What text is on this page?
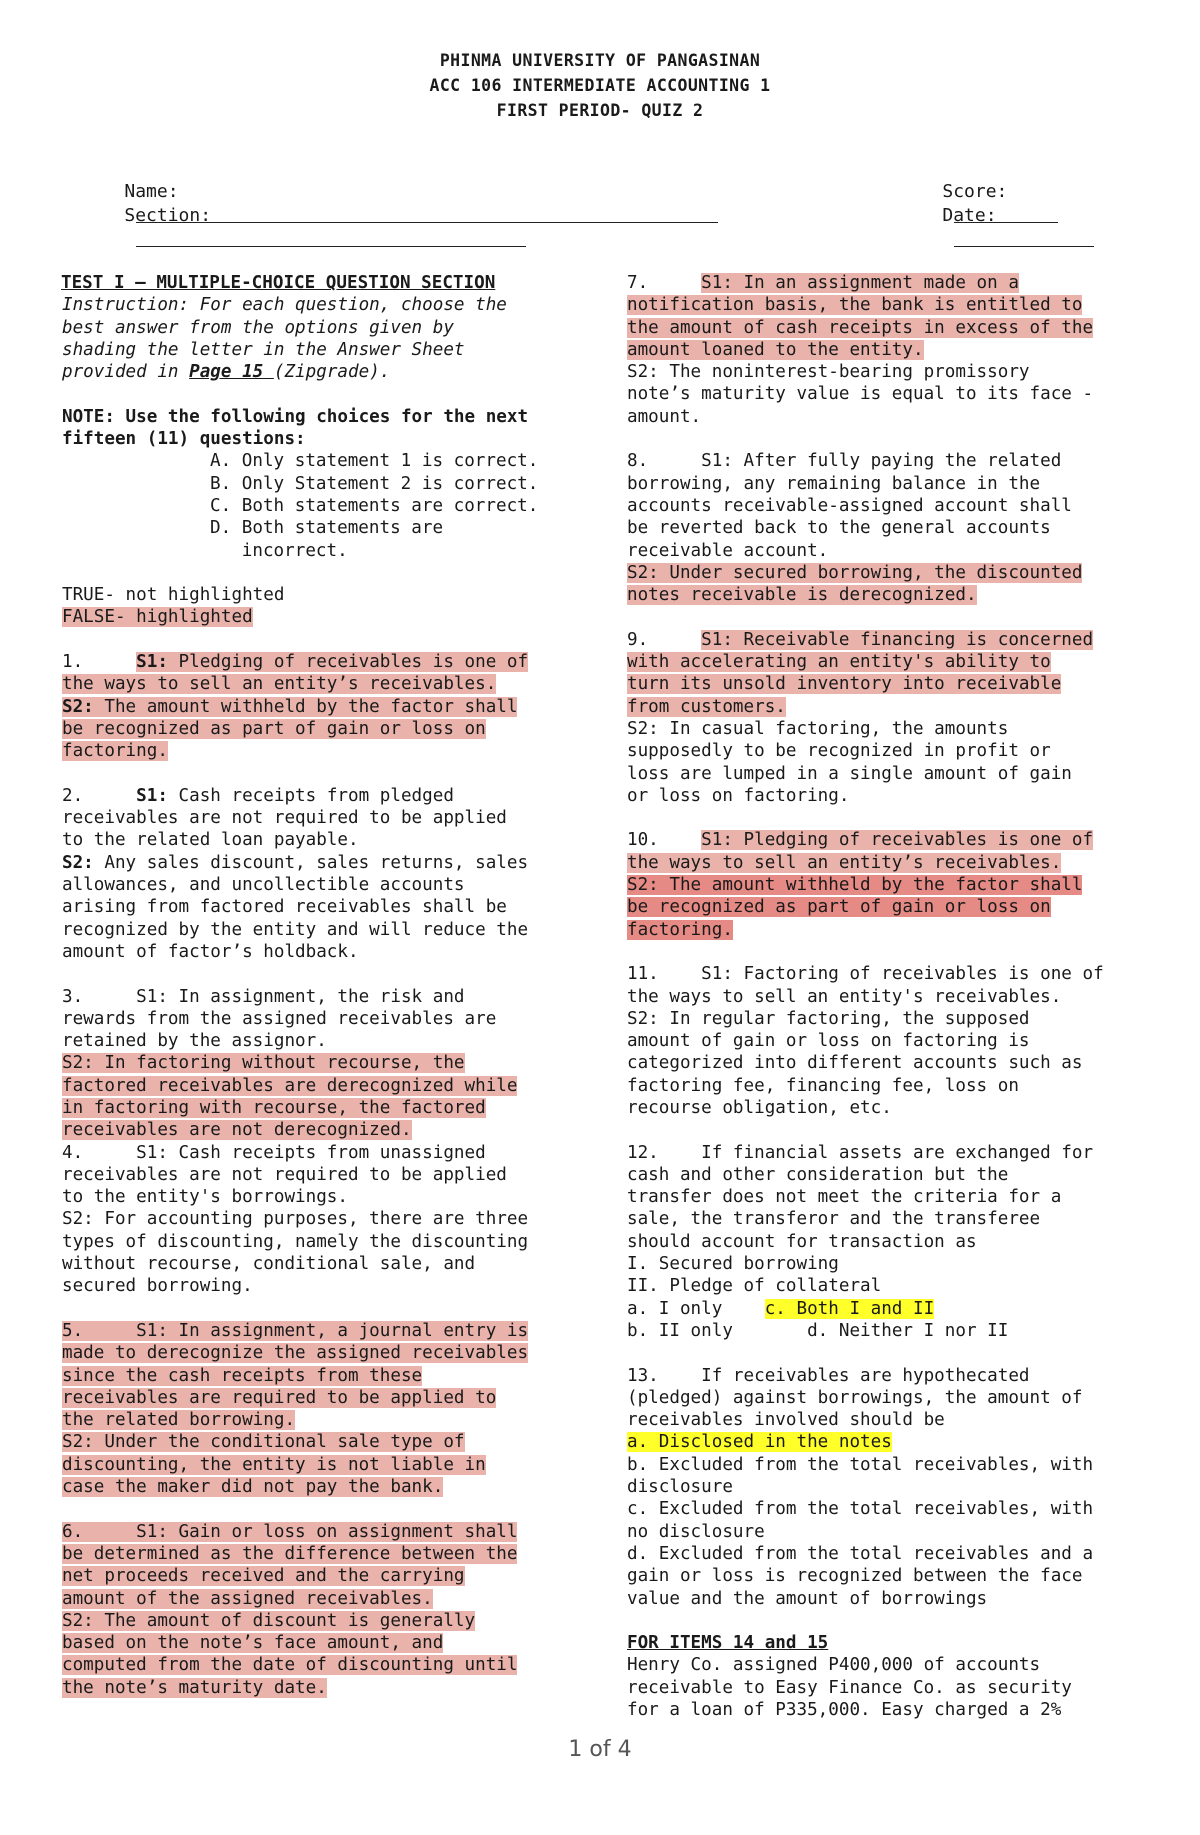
PHINMA UNIVERSITY OF PANGASINAN
ACC 106 INTERMEDIATE ACCOUNTING 1
FIRST PERIOD- QUIZ 2

Name:

Section:

Score:

Date:

TEST I – MULTIPLE-CHOICE QUESTION SECTION
Instruction: For each question, choose the
best answer from the options given by
shading the letter in the Answer Sheet
provided in Page 15 (Zipgrade).
NOTE: Use the following choices for the next
fifteen (11) questions:
A. Only statement 1 is correct.
B. Only Statement 2 is correct.
C. Both statements are correct.
D. Both statements are
incorrect.
TRUE- not highlighted
FALSE- highlighted
1.     S1: Pledging of receivables is one of
the ways to sell an entity’s receivables.
S2: The amount withheld by the factor shall
be recognized as part of gain or loss on
factoring.
2.     S1: Cash receipts from pledged
receivables are not required to be applied
to the related loan payable.
S2: Any sales discount, sales returns, sales
allowances, and uncollectible accounts
arising from factored receivables shall be
recognized by the entity and will reduce the
amount of factor’s holdback.
3.     S1: In assignment, the risk and
rewards from the assigned receivables are
retained by the assignor.
S2: In factoring without recourse, the
factored receivables are derecognized while
in factoring with recourse, the factored
receivables are not derecognized.
4.     S1: Cash receipts from unassigned
receivables are not required to be applied
to the entity's borrowings.
S2: For accounting purposes, there are three
types of discounting, namely the discounting
without recourse, conditional sale, and
secured borrowing.
5.     S1: In assignment, a journal entry is
made to derecognize the assigned receivables
since the cash receipts from these
receivables are required to be applied to
the related borrowing.
S2: Under the conditional sale type of
discounting, the entity is not liable in
case the maker did not pay the bank.
6.     S1: Gain or loss on assignment shall
be determined as the difference between the
net proceeds received and the carrying
amount of the assigned receivables.
S2: The amount of discount is generally
based on the note’s face amount, and
computed from the date of discounting until
the note’s maturity date.
7.     S1: In an assignment made on a
notification basis, the bank is entitled to
the amount of cash receipts in excess of the
amount loaned to the entity.
S2: The noninterest-bearing promissory
note’s maturity value is equal to its face -
amount.
8.     S1: After fully paying the related
borrowing, any remaining balance in the
accounts receivable-assigned account shall
be reverted back to the general accounts
receivable account.
S2: Under secured borrowing, the discounted
notes receivable is derecognized.
9.     S1: Receivable financing is concerned
with accelerating an entity's ability to
turn its unsold inventory into receivable
from customers.
S2: In casual factoring, the amounts
supposedly to be recognized in profit or
loss are lumped in a single amount of gain
or loss on factoring.
10.    S1: Pledging of receivables is one of
the ways to sell an entity’s receivables.
S2: The amount withheld by the factor shall
be recognized as part of gain or loss on
factoring.
11.    S1: Factoring of receivables is one of
the ways to sell an entity's receivables.
S2: In regular factoring, the supposed
amount of gain or loss on factoring is
categorized into different accounts such as
factoring fee, financing fee, loss on
recourse obligation, etc.
12.    If financial assets are exchanged for
cash and other consideration but the
transfer does not meet the criteria for a
sale, the transferor and the transferee
should account for transaction as
I. Secured borrowing
II. Pledge of collateral
a. I only    c. Both I and II
b. II only       d. Neither I nor II
13.    If receivables are hypothecated
(pledged) against borrowings, the amount of
receivables involved should be
a. Disclosed in the notes
b. Excluded from the total receivables, with
disclosure
c. Excluded from the total receivables, with
no disclosure
d. Excluded from the total receivables and a
gain or loss is recognized between the face
value and the amount of borrowings
FOR ITEMS 14 and 15
Henry Co. assigned P400,000 of accounts
receivable to Easy Finance Co. as security
for a loan of P335,000. Easy charged a 2%
1 of 4
